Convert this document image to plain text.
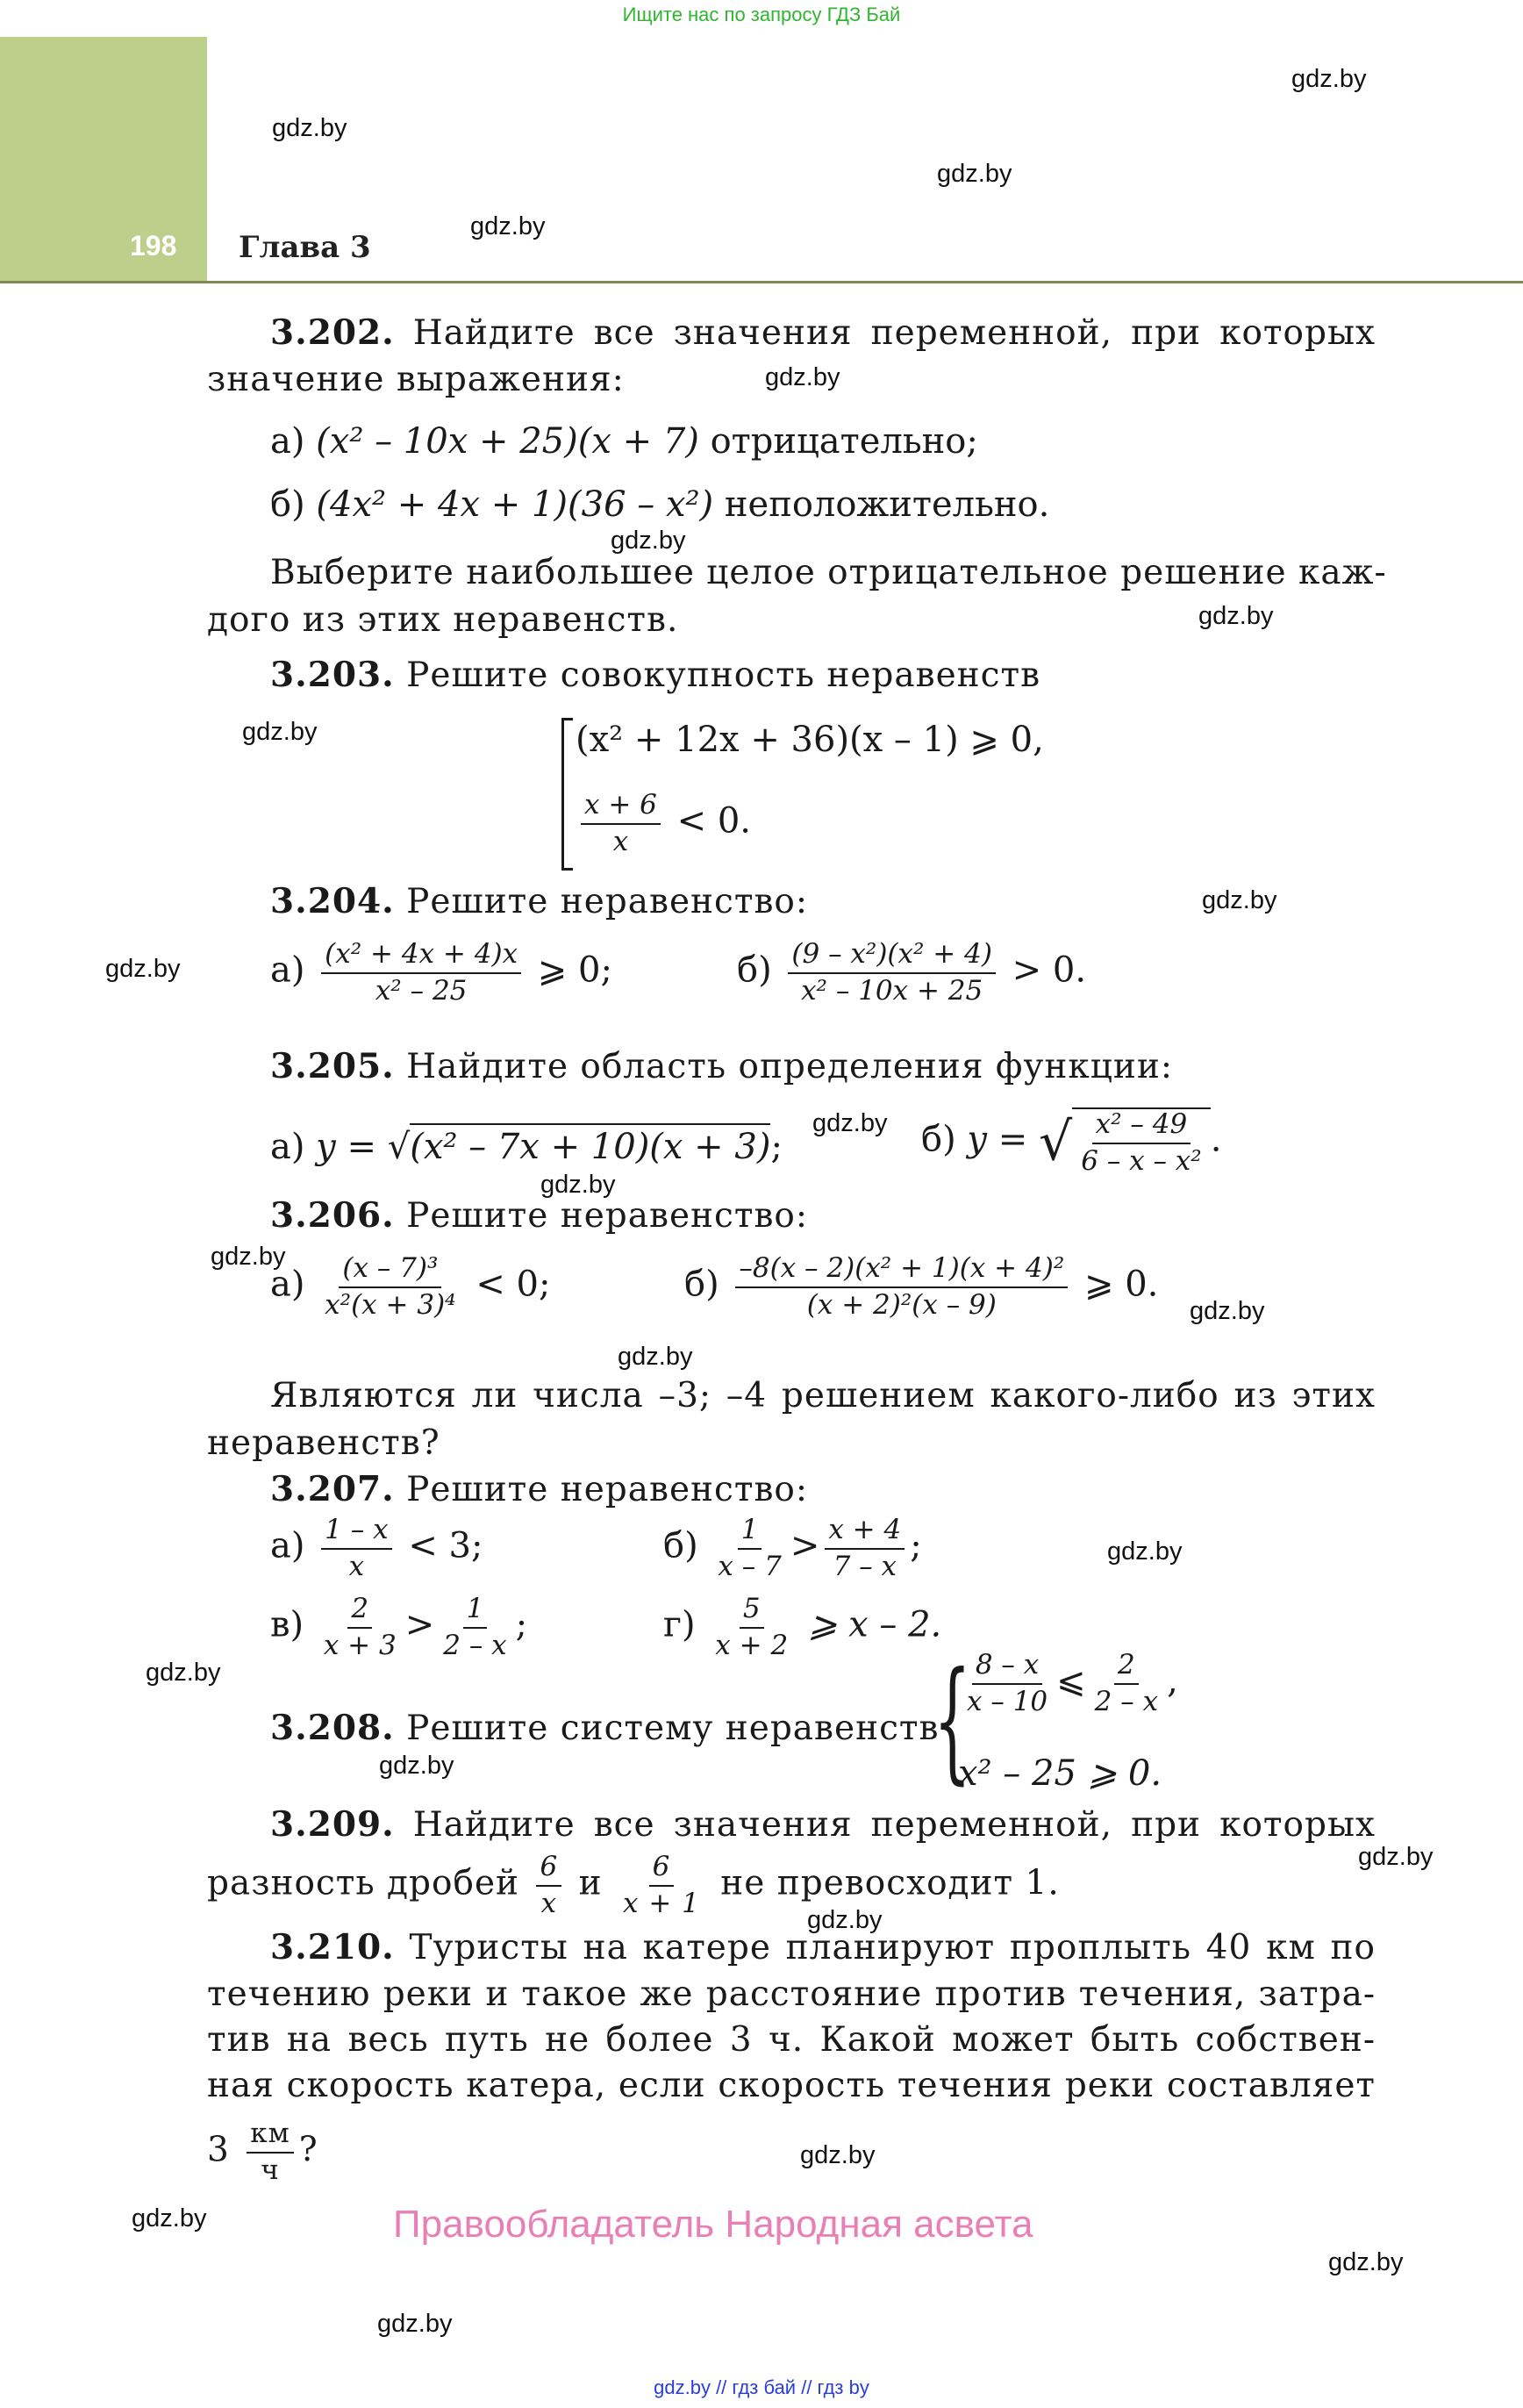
Ищите нас по запросу ГДЗ Бай
198 Глава 3
gdz.by
gdz.by
gdz.by
gdz.by
gdz.by
gdz.by
gdz.by
gdz.by
gdz.by
gdz.by
gdz.by
gdz.by
gdz.by
gdz.by
gdz.by
gdz.by
gdz.by
gdz.by
gdz.by
gdz.by
gdz.by
gdz.by
gdz.by
gdz.by
3.202. Найдите все значения переменной, при которых
значение выражения:
а) (x² – 10x + 25)(x + 7) отрицательно;
б) (4x² + 4x + 1)(36 – x²) неположительно.
Выберите наибольшее целое отрицательное решение каж-
дого из этих неравенств.
3.203. Решите совокупность неравенств
(x² + 12x + 36)(x – 1) ⩾ 0,
$\frac{x + 6}{x} < 0$.
3.204. Решите неравенство:
$а) \frac{\text{(x² + 4x + 4)x}}{\text{x² – 25}}$ ⩾ 0;	$б) \frac{\text{(9 – x²)(x² + 4)}}{\text{x² – 10x + 25}} > 0$.
3.205. Найдите область определения функции:
а) y = √(x² – 7x + 10)(x + 3);	б) y = √ $\frac{\text{x² – 49}}{\text{6 – x – x²}}$ .
3.206. Решите неравенство:
$а) \frac{\text{(x – 7)³}}{\text{x²(x + 3)⁴}} < 0$;	$б) \frac{\text{–8(x – 2)(x² + 1)(x + 4)²}}{\text{(x + 2)²(x – 9)}}$ ⩾ 0.
Являются ли числа –3; –4 решением какого-либо из этих
неравенств?
3.207. Решите неравенство:
$а) \frac{1 - x}{x} < 3$;	$б) \frac{1}{x - 7} > \frac{x + 4}{7 - x}$ ;
$в) \frac{2}{x + 3} > \frac{1}{2 - x}$ ;	$г) \frac{5}{x + 2}$ ⩾ x – 2.
3.208. Решите систему неравенств
{
$\frac{8 - x}{x - 10}$ ⩽ $\frac{2}{2 - x}$ ,
x² – 25 ⩾ 0.
3.209. Найдите все значения переменной, при которых
разность дробей $\frac{6}{x}$ и $\frac{6}{x + 1}$ не превосходит 1.
3.210. Туристы на катере планируют проплыть 40 км по
течению реки и такое же расстояние против течения, затра-
тив на весь путь не более 3 ч. Какой может быть собствен-
ная скорость катера, если скорость течения реки составляет
$3 \frac{км}{ч}$ ?
Правообладатель Народная асвета
gdz.by // гдз бай // гдз by
